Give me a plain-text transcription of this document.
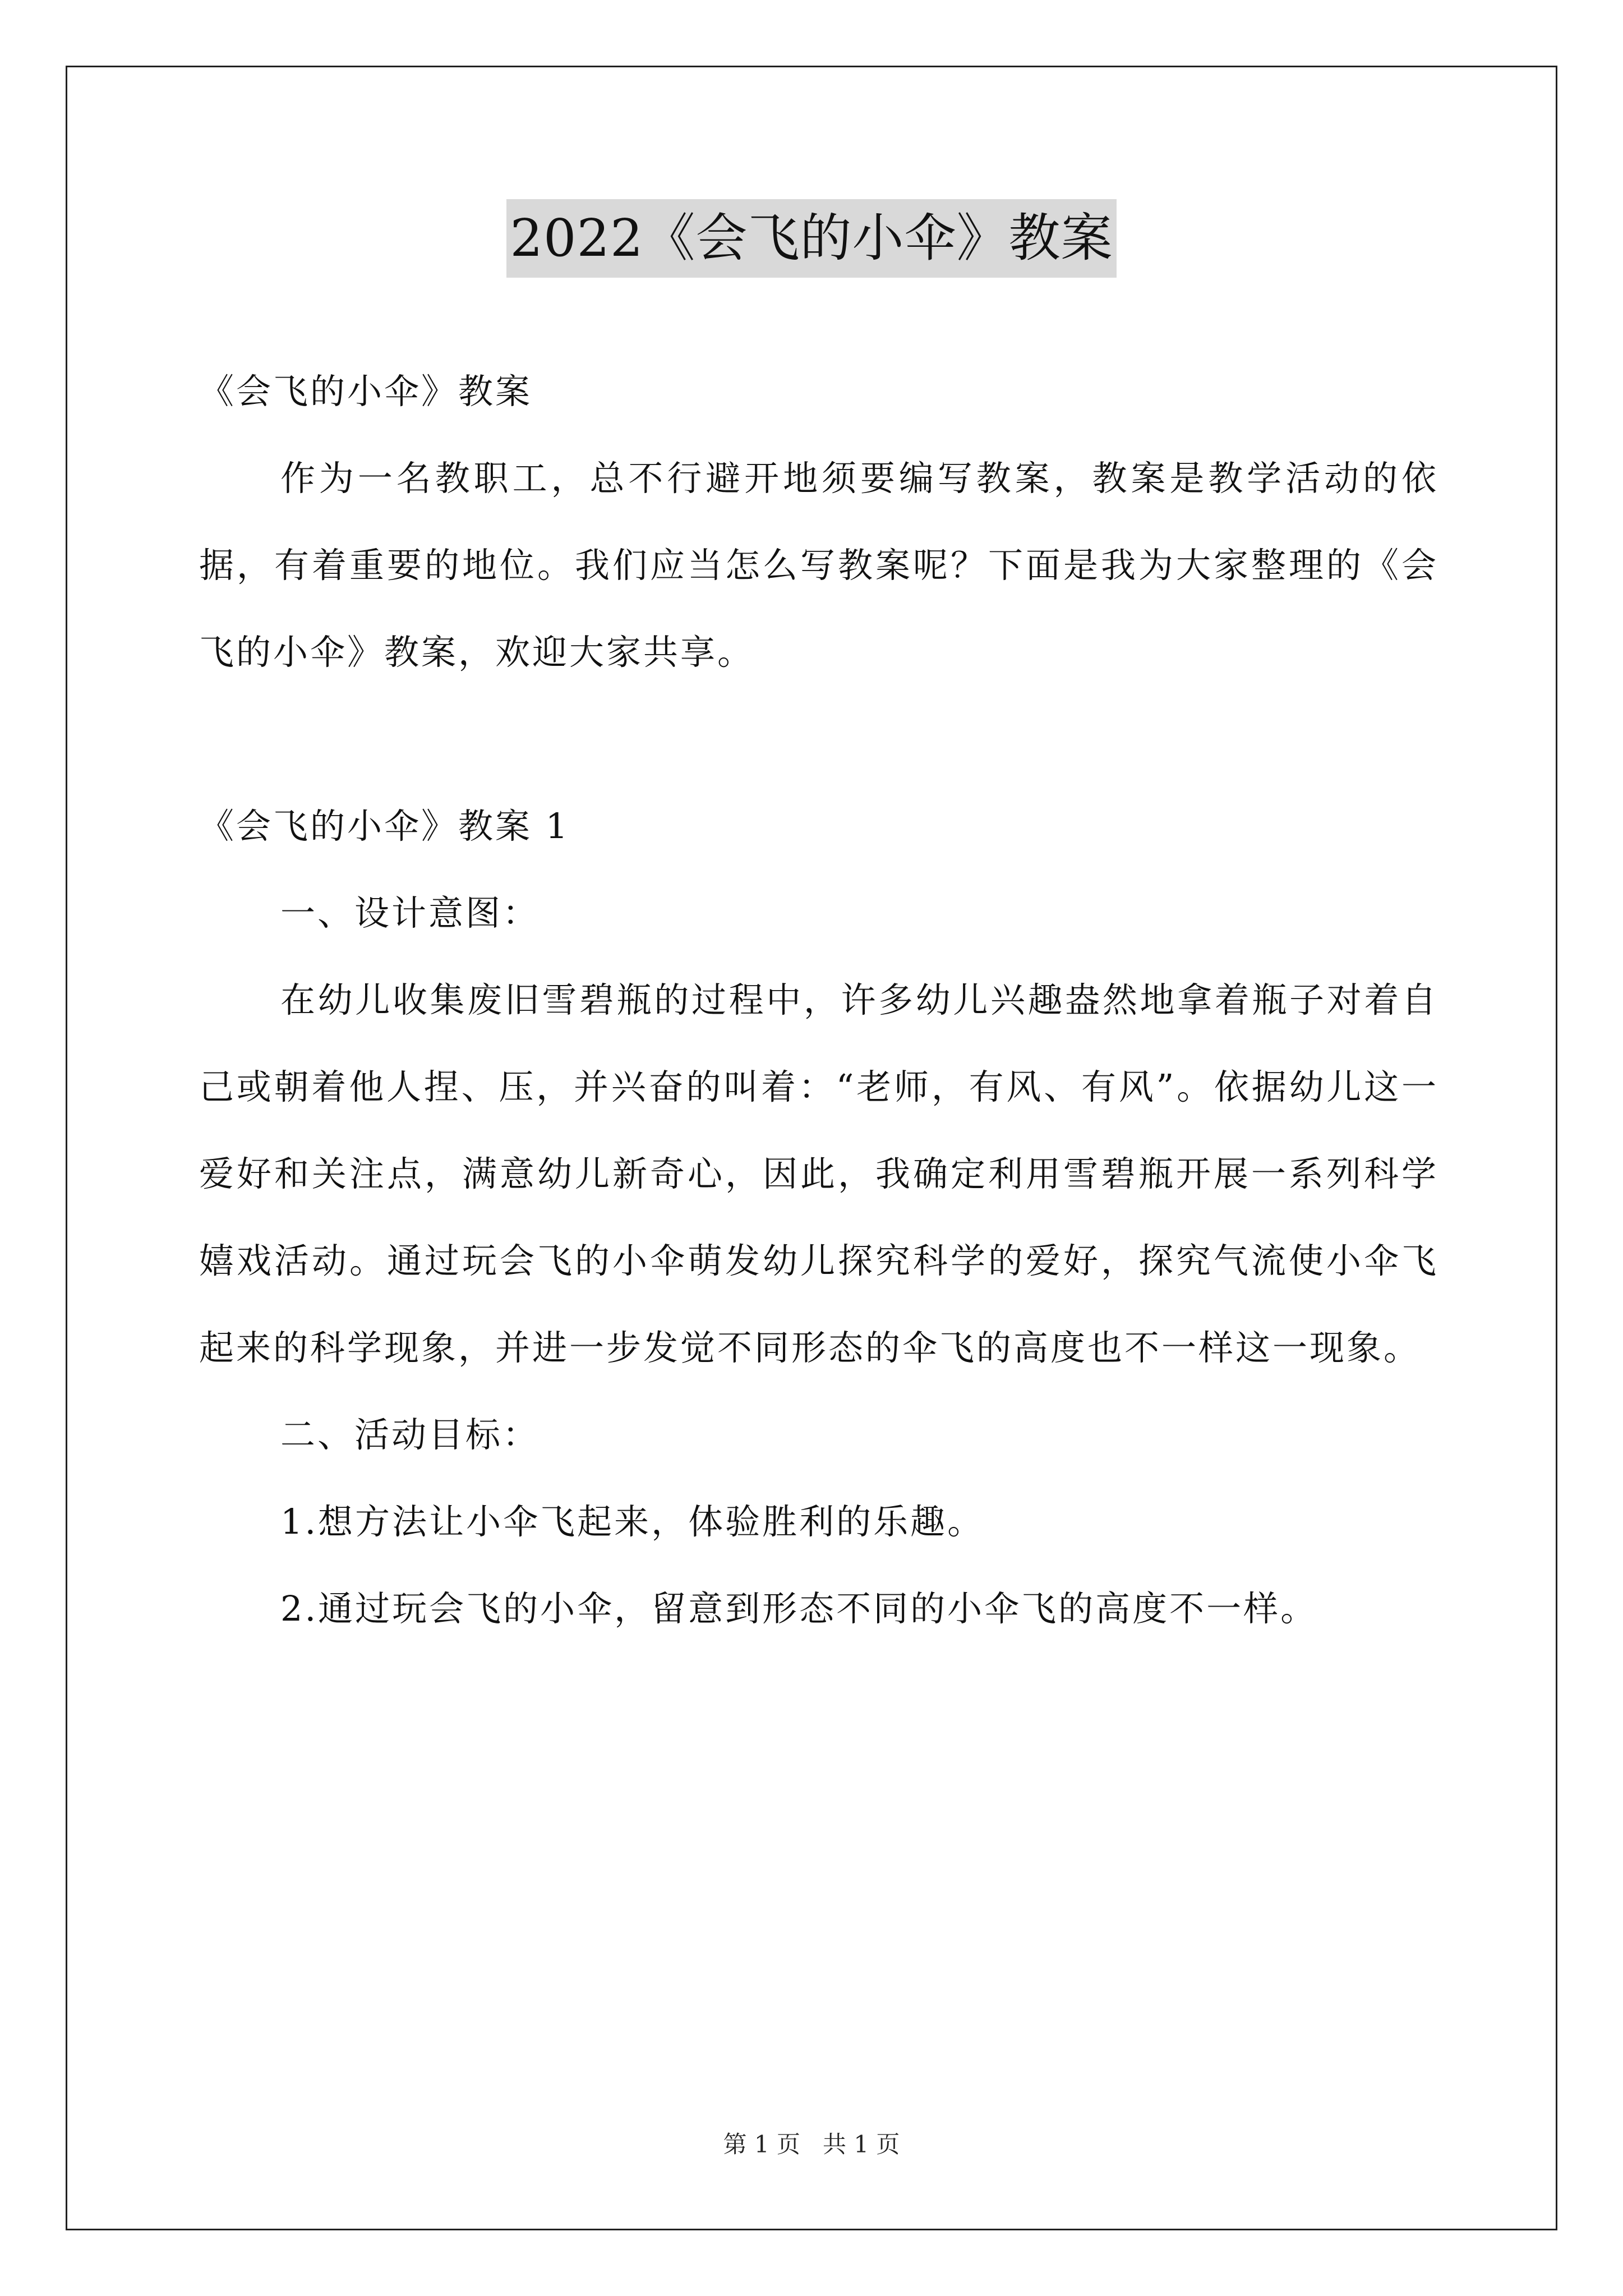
2022《会飞的小伞》教案

《会飞的小伞》教案

作为一名教职工，总不行避开地须要编写教案，教案是教学活动的依据，有着重要的地位。我们应当怎么写教案呢？下面是我为大家整理的《会飞的小伞》教案，欢迎大家共享。

《会飞的小伞》教案 1

一、设计意图：

在幼儿收集废旧雪碧瓶的过程中，许多幼儿兴趣盎然地拿着瓶子对着自己或朝着他人捏、压，并兴奋的叫着：“老师，有风、有风”。依据幼儿这一爱好和关注点，满意幼儿新奇心，因此，我确定利用雪碧瓶开展一系列科学嬉戏活动。通过玩会飞的小伞萌发幼儿探究科学的爱好，探究气流使小伞飞起来的科学现象，并进一步发觉不同形态的伞飞的高度也不一样这一现象。

二、活动目标：

1.想方法让小伞飞起来，体验胜利的乐趣。

2.通过玩会飞的小伞，留意到形态不同的小伞飞的高度不一样。

第 1 页 共 1 页
